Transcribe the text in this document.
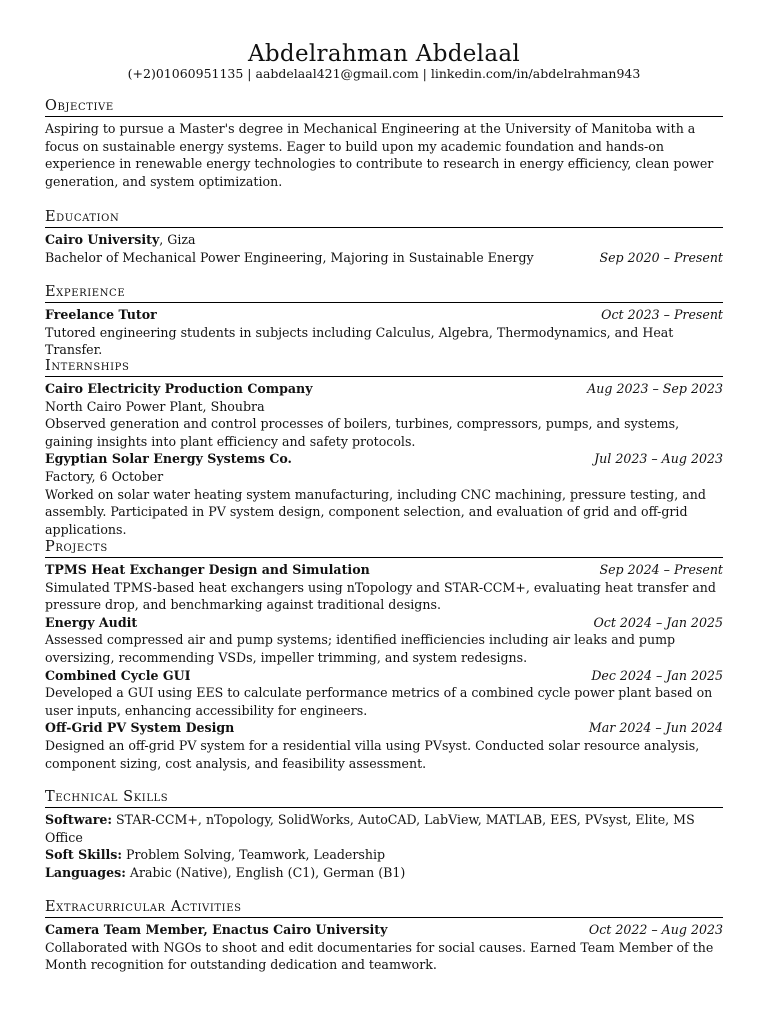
Abdelrahman Abdelaal
(+2)01060951135 | aabdelaal421@gmail.com | linkedin.com/in/abdelrahman943
Objective
Aspiring to pursue a Master's degree in Mechanical Engineering at the University of Manitoba with a focus on sustainable energy systems. Eager to build upon my academic foundation and hands-on experience in renewable energy technologies to contribute to research in energy efficiency, clean power generation, and system optimization.
Education
Cairo University, Giza
Bachelor of Mechanical Power Engineering, Majoring in Sustainable Energy	Sep 2020 – Present
Experience
Freelance Tutor	Oct 2023 – Present
Tutored engineering students in subjects including Calculus, Algebra, Thermodynamics, and Heat Transfer.
Internships
Cairo Electricity Production Company	Aug 2023 – Sep 2023
North Cairo Power Plant, Shoubra
Observed generation and control processes of boilers, turbines, compressors, pumps, and systems, gaining insights into plant efficiency and safety protocols.
Egyptian Solar Energy Systems Co.	Jul 2023 – Aug 2023
Factory, 6 October
Worked on solar water heating system manufacturing, including CNC machining, pressure testing, and assembly. Participated in PV system design, component selection, and evaluation of grid and off-grid applications.
Projects
TPMS Heat Exchanger Design and Simulation	Sep 2024 – Present
Simulated TPMS-based heat exchangers using nTopology and STAR-CCM+, evaluating heat transfer and pressure drop, and benchmarking against traditional designs.
Energy Audit	Oct 2024 – Jan 2025
Assessed compressed air and pump systems; identified inefficiencies including air leaks and pump oversizing, recommending VSDs, impeller trimming, and system redesigns.
Combined Cycle GUI	Dec 2024 – Jan 2025
Developed a GUI using EES to calculate performance metrics of a combined cycle power plant based on user inputs, enhancing accessibility for engineers.
Off-Grid PV System Design	Mar 2024 – Jun 2024
Designed an off-grid PV system for a residential villa using PVsyst. Conducted solar resource analysis, component sizing, cost analysis, and feasibility assessment.
Technical Skills
Software: STAR-CCM+, nTopology, SolidWorks, AutoCAD, LabView, MATLAB, EES, PVsyst, Elite, MS Office
Soft Skills: Problem Solving, Teamwork, Leadership
Languages: Arabic (Native), English (C1), German (B1)
Extracurricular Activities
Camera Team Member, Enactus Cairo University	Oct 2022 – Aug 2023
Collaborated with NGOs to shoot and edit documentaries for social causes. Earned Team Member of the Month recognition for outstanding dedication and teamwork.
